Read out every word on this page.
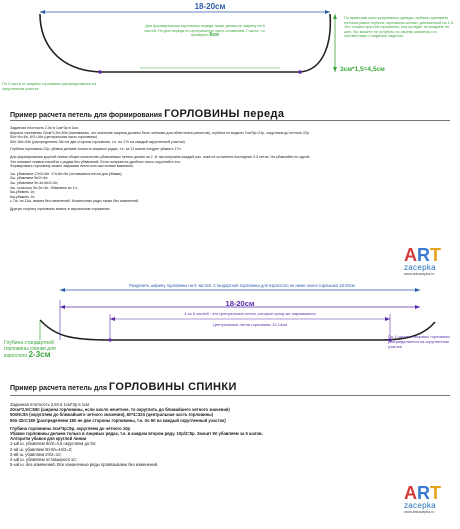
18-20см
Для формирования горловины переда также делим ее ширину на 6 частей. Но для переда не центральную часть оставляем 2 части, т.е. примерно 6см
По 2 части от ширины горловины распределяются на скругленном участке
По правилам конструирования одежды глубина горловины полочки равна глубине горловины спинки, умноженной на 1,5. Это сложно круглой горловины, она пройдет по впадине на шее. Вы можете не углубить по своему желанию и в соответствии с моделью изделия.
3см*1,5=4,5см
Пример расчета петель для формирования ГОРЛОВИНЫ переда
Заданная плотность 2,5п в 1см*3р в 1см.
Ширина горловины 20см*2,5п=50п (напоминаю, что значение ширина должны быть четными для облегчения расчетов), глубина по модели 7см*3р=21р, округляем до четного 22р
50п÷6ч=8п, 8*2=16п (центральная часть горловины)
50п-16п=34п (распределяем 34п не две стороны горловины, т.е. по 17п на каждый скругленный участок)
Глубина горловины 22р, убавки делаем только в лицевых рядах, т.е. за 11 шагов следует убавить 17п.
Для формирования круглой линии общее количество убавляемых петель делим на 2. И так получаем каждый раз, пока не останется последние 2-3 петли. На убавляйте по одной.
Это поможет плавно перейти к рядам без убавлений. Если получается дробное число округляйте его.
Формировать горловину можно закрывая петли или частичным вязанием.
1ш. убавляем 17п/2=8п. 17п-8п=9п (оставшиеся петли для убавки);
2ш. убавляем 9п/2=4п;
3ш. убавляем 9п-4п-5п/2=2п;
4ш. осталось 5п-2п=3п. Убавляем по 1п;
5ш.убавить 1п;
6ш.убавить 1п;
с 7ш. по 11ш. вяжем без изменений. Изнаночные ряды также без изменений.
Другую сторону горловины вязать в зеркальном отражении.
Разделить ширину горловины на 6 частей. Стандартная горловина для взрослого не ниже около горлышка 18-20см
18-20см
4 из 6 частей - это центральные петли, которые сразу же закрываются
Центральные петли горловины 12-14см
Глубина стандартной
горловины спинки для
взрослого 2-3см
По 1 части от ширины горловины распределяются на скругленном участке
ART
zacepka
www.artzacepka.ru
Пример расчета петель для ГОРЛОВИНЫ СПИНКИ
Заданная плотность 2,5п в 1см*3р в 1см
20см*2,5п=50п (ширина горловины, если число нечетное, то округлить до ближайшего четного значения)
50п/6=8п (округляем до ближайшего четного значения), 8п*4=32п (центральная часть горловины)
50п-32п=18п (распределяем 18п не две стороны горловины, т.е. по 9п на каждый скругленный участок)
Глубина горловины 3см*3р=9р, округляем до четного 10р
Убавки горловины делаем только в лицевых рядах, т.е. в каждом втором ряду. 10р/2=5р. Значит 9п убавляем за 5 шагов.
Алгоритм убавок для круглой линии
1-ый ш. убавляем 9п/2=4,5 округляем до 5п;
2-ой ш. убавляем 9п-5п=4п/2=2;
3-ий ш. убавляем 2п/2=1п;
4-ый ш. убавляем оставшуюся 1п;
5-ый ш. без изменений. Все изнаночные ряды провязываем без изменений.
ART
zacepka
www.artzacepka.ru
